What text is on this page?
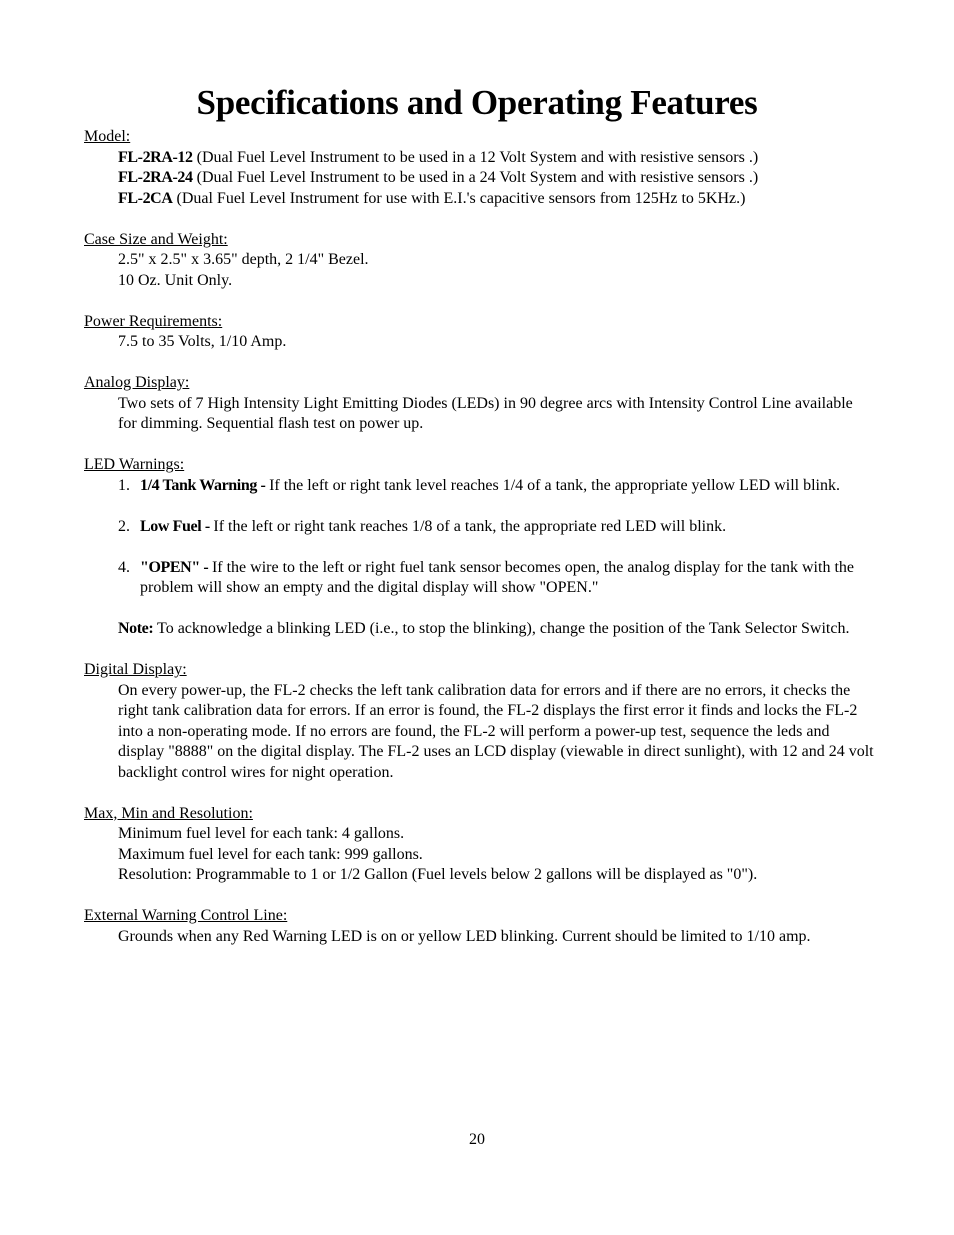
Specifications and Operating Features
Model:
FL-2RA-12 (Dual Fuel Level Instrument to be used in a 12 Volt System and with resistive sensors .)
FL-2RA-24 (Dual Fuel Level Instrument to be used in a 24 Volt System and with resistive sensors .)
FL-2CA (Dual Fuel Level Instrument for use with E.I.'s capacitive sensors from 125Hz to 5KHz.)
Case Size and Weight:
2.5" x 2.5" x 3.65" depth, 2 1/4" Bezel.
10 Oz. Unit Only.
Power Requirements:
7.5 to 35 Volts, 1/10 Amp.
Analog Display:
Two sets of 7 High Intensity Light Emitting Diodes (LEDs) in 90 degree arcs with Intensity Control Line available for dimming. Sequential flash test on power up.
LED Warnings:
1. 1/4 Tank Warning - If the left or right tank level reaches 1/4 of a tank, the appropriate yellow LED will blink.
2. Low Fuel - If the left or right tank reaches 1/8 of a tank, the appropriate red LED will blink.
4. "OPEN" - If the wire to the left or right fuel tank sensor becomes open, the analog display for the tank with the problem will show an empty and the digital display will show "OPEN."
Note: To acknowledge a blinking LED (i.e., to stop the blinking), change the position of the Tank Selector Switch.
Digital Display:
On every power-up, the FL-2 checks the left tank calibration data for errors and if there are no errors, it checks the right tank calibration data for errors. If an error is found, the FL-2 displays the first error it finds and locks the FL-2 into a non-operating mode. If no errors are found, the FL-2 will perform a power-up test, sequence the leds and display "8888" on the digital display. The FL-2 uses an LCD display (viewable in direct sunlight), with 12 and 24 volt backlight control wires for night operation.
Max, Min and Resolution:
Minimum fuel level for each tank: 4 gallons.
Maximum fuel level for each tank: 999 gallons.
Resolution: Programmable to 1 or 1/2 Gallon (Fuel levels below 2 gallons will be displayed as "0").
External Warning Control Line:
Grounds when any Red Warning LED is on or yellow LED blinking. Current should be limited to 1/10 amp.
20
